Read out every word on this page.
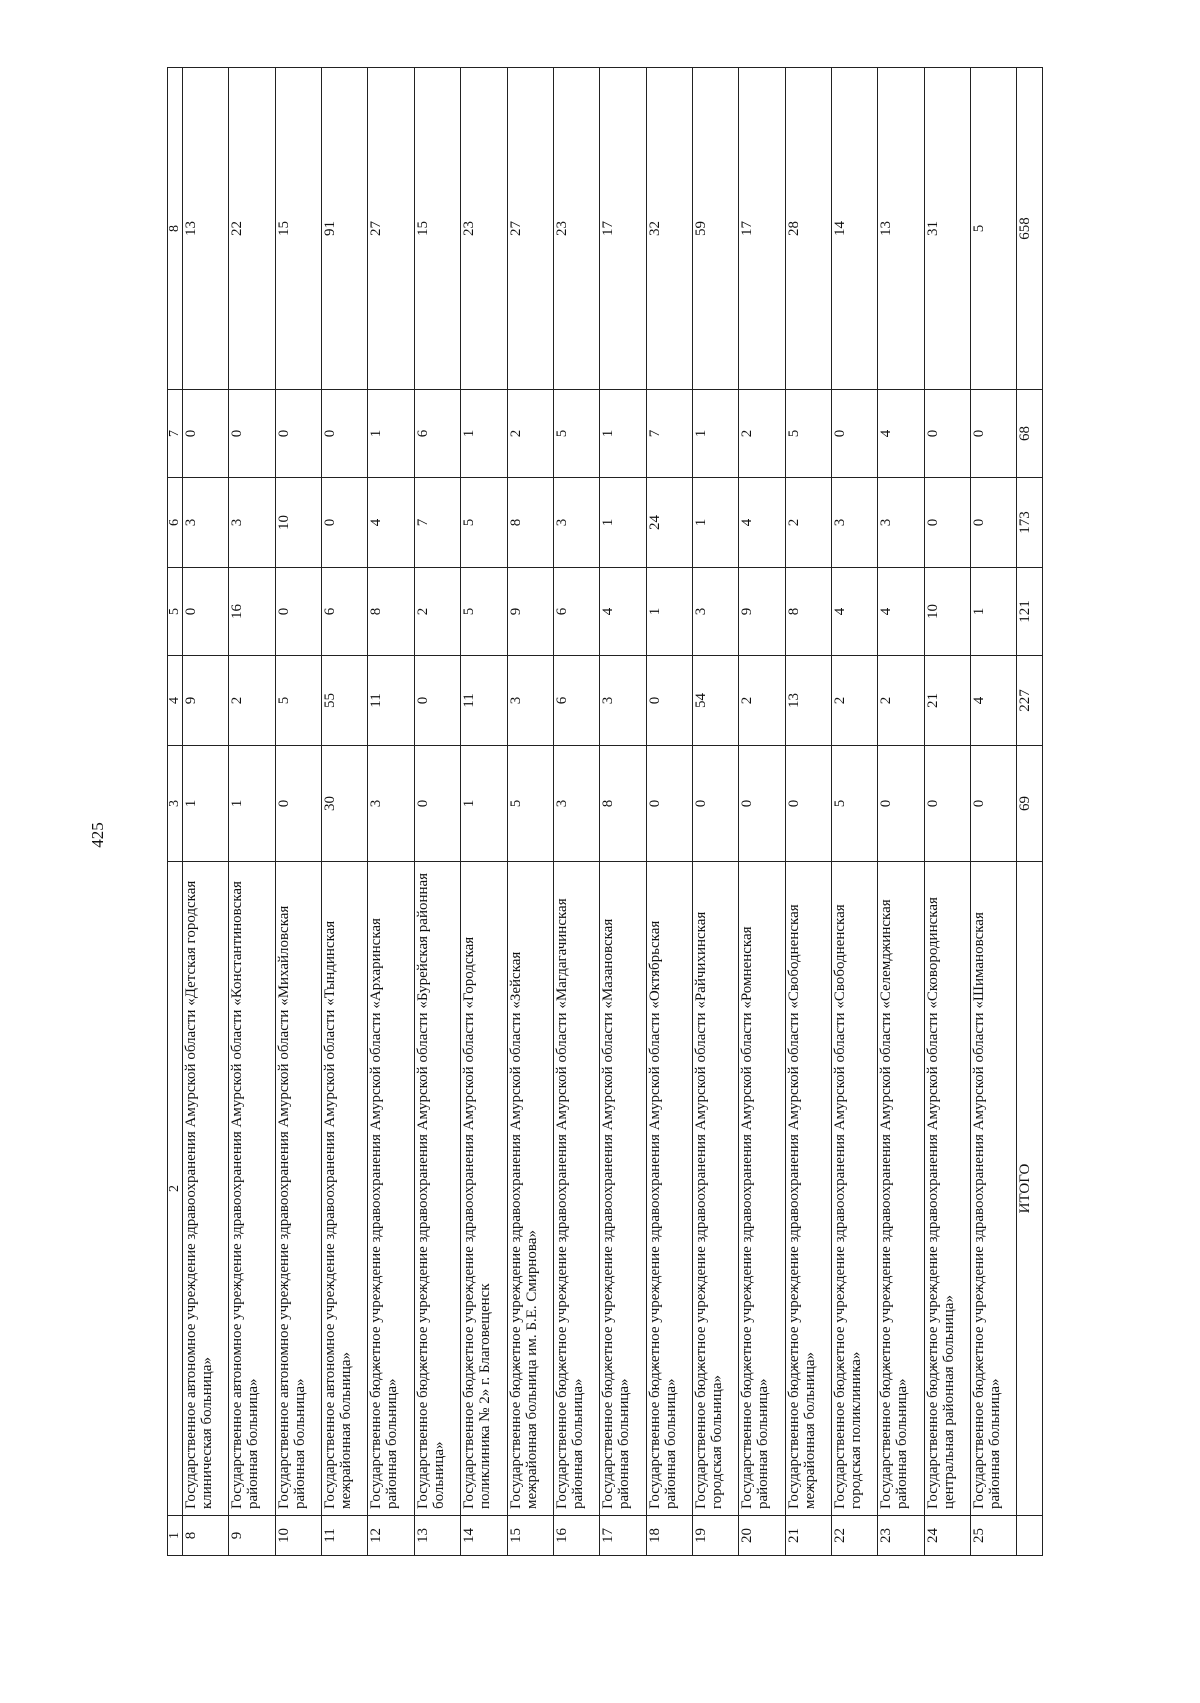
425
1	2	3	4	5	6	7	8
8	Государственное автономное учреждение здравоохранения Амурской области «Детская городская клиническая больница»	1	9	0	3	0	13
9	Государственное автономное учреждение здравоохранения Амурской области «Константиновская районная больница»	1	2	16	3	0	22
10	Государственное автономное учреждение здравоохранения Амурской области «Михайловская районная больница»	0	5	0	10	0	15
11	Государственное автономное учреждение здравоохранения Амурской области «Тындинская межрайонная больница»	30	55	6	0	0	91
12	Государственное бюджетное учреждение здравоохранения Амурской области «Архаринская районная больница»	3	11	8	4	1	27
13	Государственное бюджетное учреждение здравоохранения Амурской области «Бурейская районная больница»	0	0	2	7	6	15
14	Государственное бюджетное учреждение здравоохранения Амурской области «Городская поликлиника № 2» г. Благовещенск	1	11	5	5	1	23
15	Государственное бюджетное учреждение здравоохранения Амурской области «Зейская межрайонная больница им. Б.Е. Смирнова»	5	3	9	8	2	27
16	Государственное бюджетное учреждение здравоохранения Амурской области «Магдагачинская районная больница»	3	6	6	3	5	23
17	Государственное бюджетное учреждение здравоохранения Амурской области «Мазановская районная больница»	8	3	4	1	1	17
18	Государственное бюджетное учреждение здравоохранения Амурской области «Октябрьская районная больница»	0	0	1	24	7	32
19	Государственное бюджетное учреждение здравоохранения Амурской области «Райчихинская городская больница»	0	54	3	1	1	59
20	Государственное бюджетное учреждение здравоохранения Амурской области «Ромненская районная больница»	0	2	9	4	2	17
21	Государственное бюджетное учреждение здравоохранения Амурской области «Свободненская межрайонная больница»	0	13	8	2	5	28
22	Государственное бюджетное учреждение здравоохранения Амурской области «Свободненская городская поликлиника»	5	2	4	3	0	14
23	Государственное бюджетное учреждение здравоохранения Амурской области «Селемджинская районная больница»	0	2	4	3	4	13
24	Государственное бюджетное учреждение здравоохранения Амурской области «Сковородинская центральная районная больница»	0	21	10	0	0	31
25	Государственное бюджетное учреждение здравоохранения Амурской области «Шимановская районная больница»	0	4	1	0	0	5
	ИТОГО	69	227	121	173	68	658
